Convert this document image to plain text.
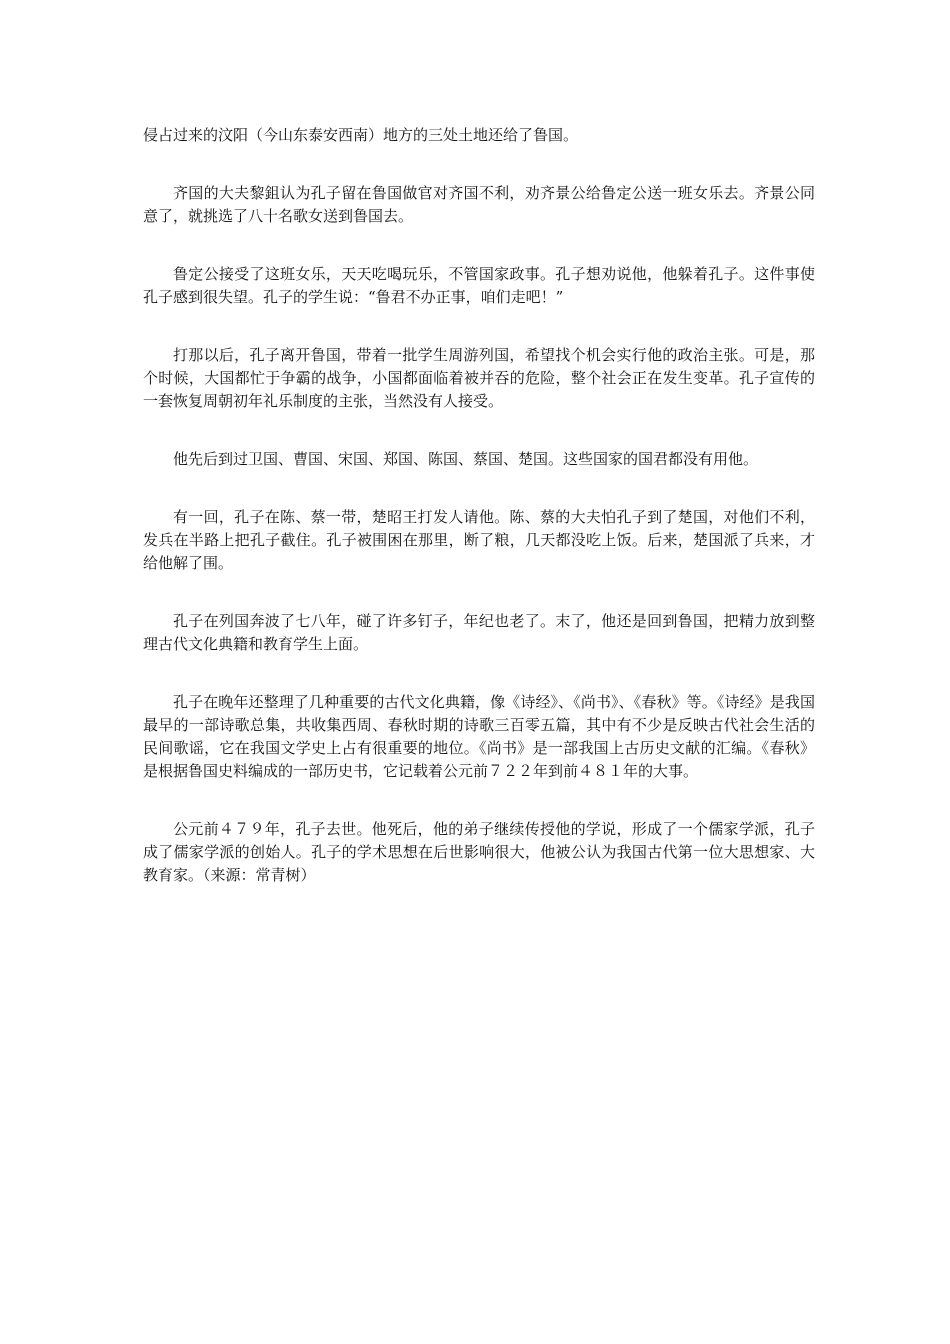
侵占过来的汶阳（今山东泰安西南）地方的三处土地还给了鲁国。

齐国的大夫黎鉏认为孔子留在鲁国做官对齐国不利，劝齐景公给鲁定公送一班女乐去。齐景公同意了，就挑选了八十名歌女送到鲁国去。

鲁定公接受了这班女乐，天天吃喝玩乐，不管国家政事。孔子想劝说他，他躲着孔子。这件事使孔子感到很失望。孔子的学生说：“鲁君不办正事，咱们走吧！”

打那以后，孔子离开鲁国，带着一批学生周游列国，希望找个机会实行他的政治主张。可是，那个时候，大国都忙于争霸的战争，小国都面临着被并吞的危险，整个社会正在发生变革。孔子宣传的一套恢复周朝初年礼乐制度的主张，当然没有人接受。

他先后到过卫国、曹国、宋国、郑国、陈国、蔡国、楚国。这些国家的国君都没有用他。

有一回，孔子在陈、蔡一带，楚昭王打发人请他。陈、蔡的大夫怕孔子到了楚国，对他们不利，发兵在半路上把孔子截住。孔子被围困在那里，断了粮，几天都没吃上饭。后来，楚国派了兵来，才给他解了围。

孔子在列国奔波了七八年，碰了许多钉子，年纪也老了。末了，他还是回到鲁国，把精力放到整理古代文化典籍和教育学生上面。

孔子在晚年还整理了几种重要的古代文化典籍，像《诗经》、《尚书》、《春秋》等。《诗经》是我国最早的一部诗歌总集，共收集西周、春秋时期的诗歌三百零五篇，其中有不少是反映古代社会生活的民间歌谣，它在我国文学史上占有很重要的地位。《尚书》是一部我国上古历史文献的汇编。《春秋》是根据鲁国史料编成的一部历史书，它记载着公元前７２２年到前４８１年的大事。

公元前４７９年，孔子去世。他死后，他的弟子继续传授他的学说，形成了一个儒家学派，孔子成了儒家学派的创始人。孔子的学术思想在后世影响很大，他被公认为我国古代第一位大思想家、大教育家。（来源：常青树）
